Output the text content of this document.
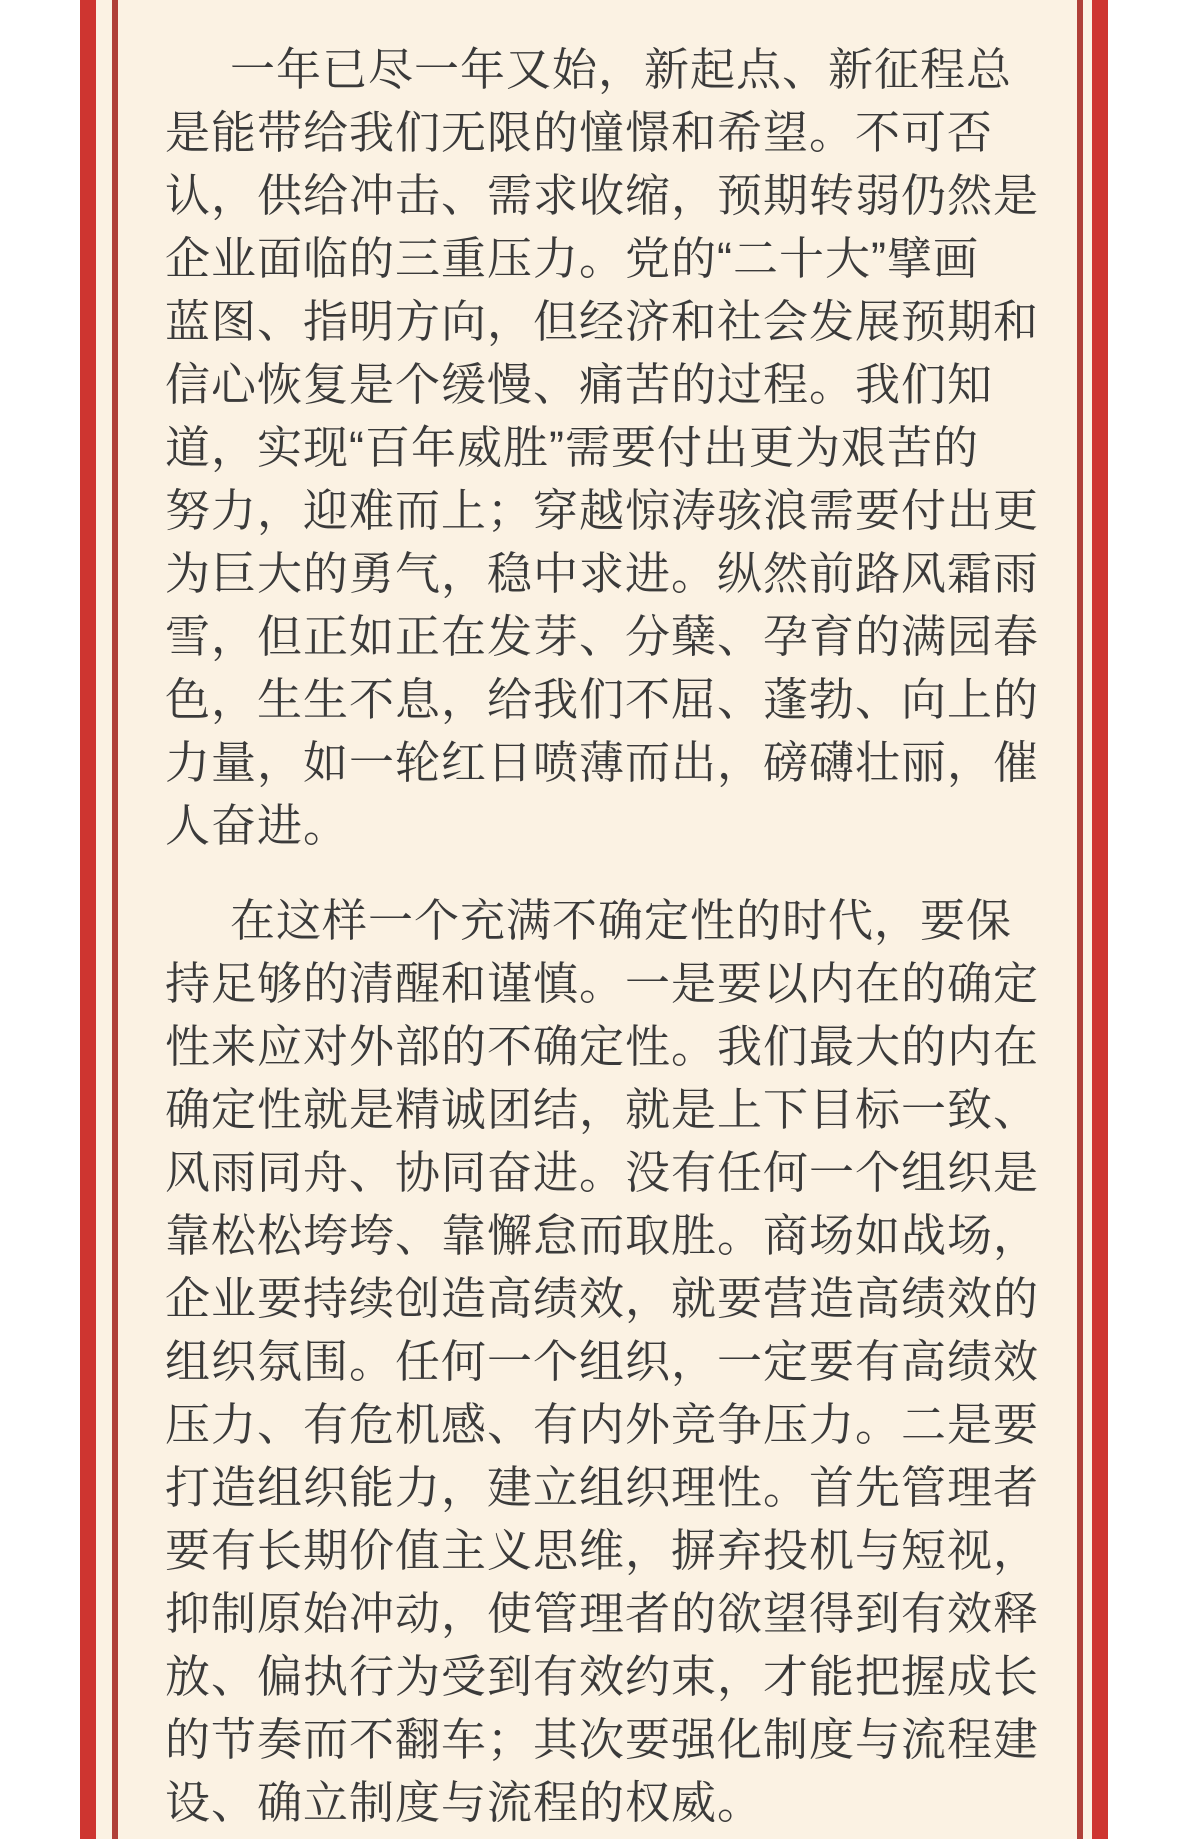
一年已尽一年又始，新起点、新征程总
是能带给我们无限的憧憬和希望。不可否
认，供给冲击、需求收缩，预期转弱仍然是
企业面临的三重压力。党的“二十大”擘画
蓝图、指明方向，但经济和社会发展预期和
信心恢复是个缓慢、痛苦的过程。我们知
道，实现“百年威胜”需要付出更为艰苦的
努力，迎难而上；穿越惊涛骇浪需要付出更
为巨大的勇气，稳中求进。纵然前路风霜雨
雪，但正如正在发芽、分蘖、孕育的满园春
色，生生不息，给我们不屈、蓬勃、向上的
力量，如一轮红日喷薄而出，磅礴壮丽，催
人奋进。
在这样一个充满不确定性的时代，要保
持足够的清醒和谨慎。一是要以内在的确定
性来应对外部的不确定性。我们最大的内在
确定性就是精诚团结，就是上下目标一致、
风雨同舟、协同奋进。没有任何一个组织是
靠松松垮垮、靠懈怠而取胜。商场如战场，
企业要持续创造高绩效，就要营造高绩效的
组织氛围。任何一个组织，一定要有高绩效
压力、有危机感、有内外竞争压力。二是要
打造组织能力，建立组织理性。首先管理者
要有长期价值主义思维，摒弃投机与短视，
抑制原始冲动，使管理者的欲望得到有效释
放、偏执行为受到有效约束，才能把握成长
的节奏而不翻车；其次要强化制度与流程建
设、确立制度与流程的权威。
